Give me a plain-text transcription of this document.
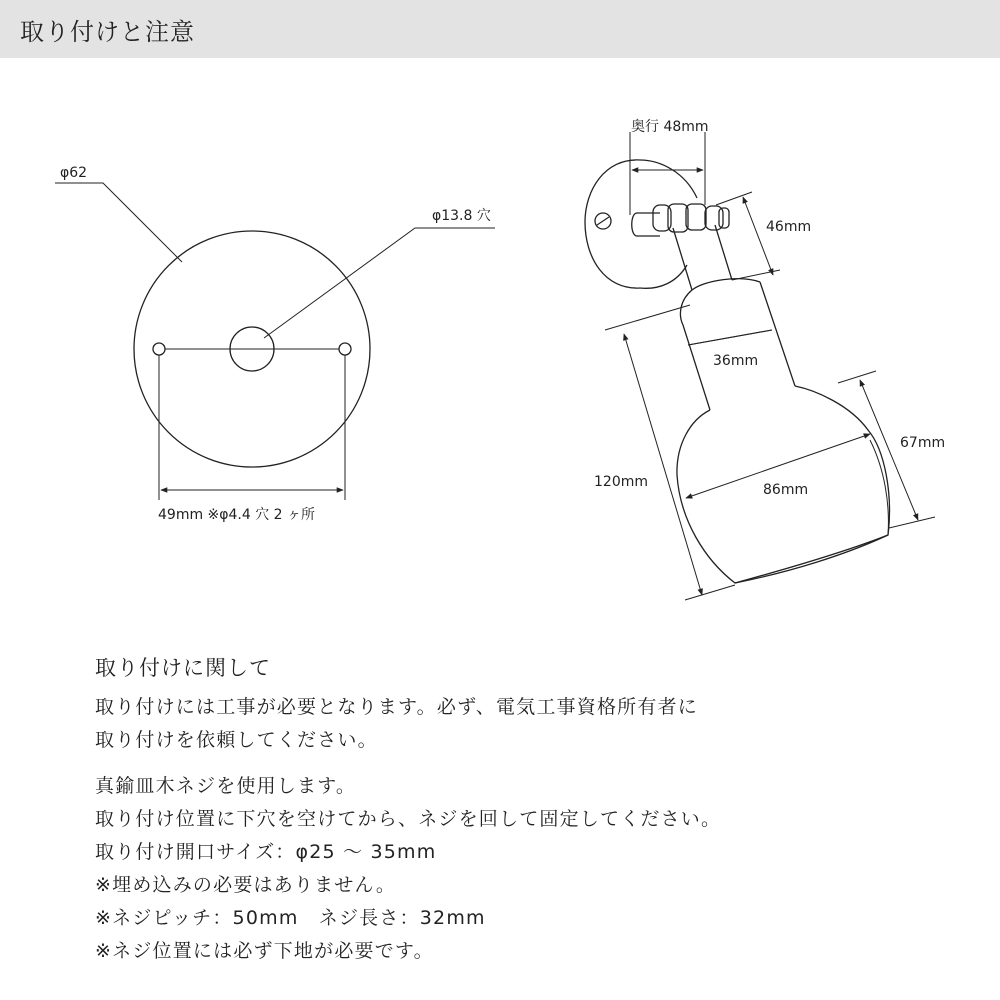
取り付けと注意
φ62
φ13.8 穴
49mm ※φ4.4 穴 2 ヶ所
奥行 48mm
46mm
36mm
86mm
67mm
120mm
取り付けに関して

取り付けには工事が必要となります。必ず、電気工事資格所有者に

取り付けを依頼してください。

真鍮皿木ネジを使用します。

取り付け位置に下穴を空けてから、ネジを回して固定してください。

取り付け開口サイズ：φ25 〜 35mm

※埋め込みの必要はありません。

※ネジピッチ：50mm　ネジ長さ：32mm

※ネジ位置には必ず下地が必要です。
